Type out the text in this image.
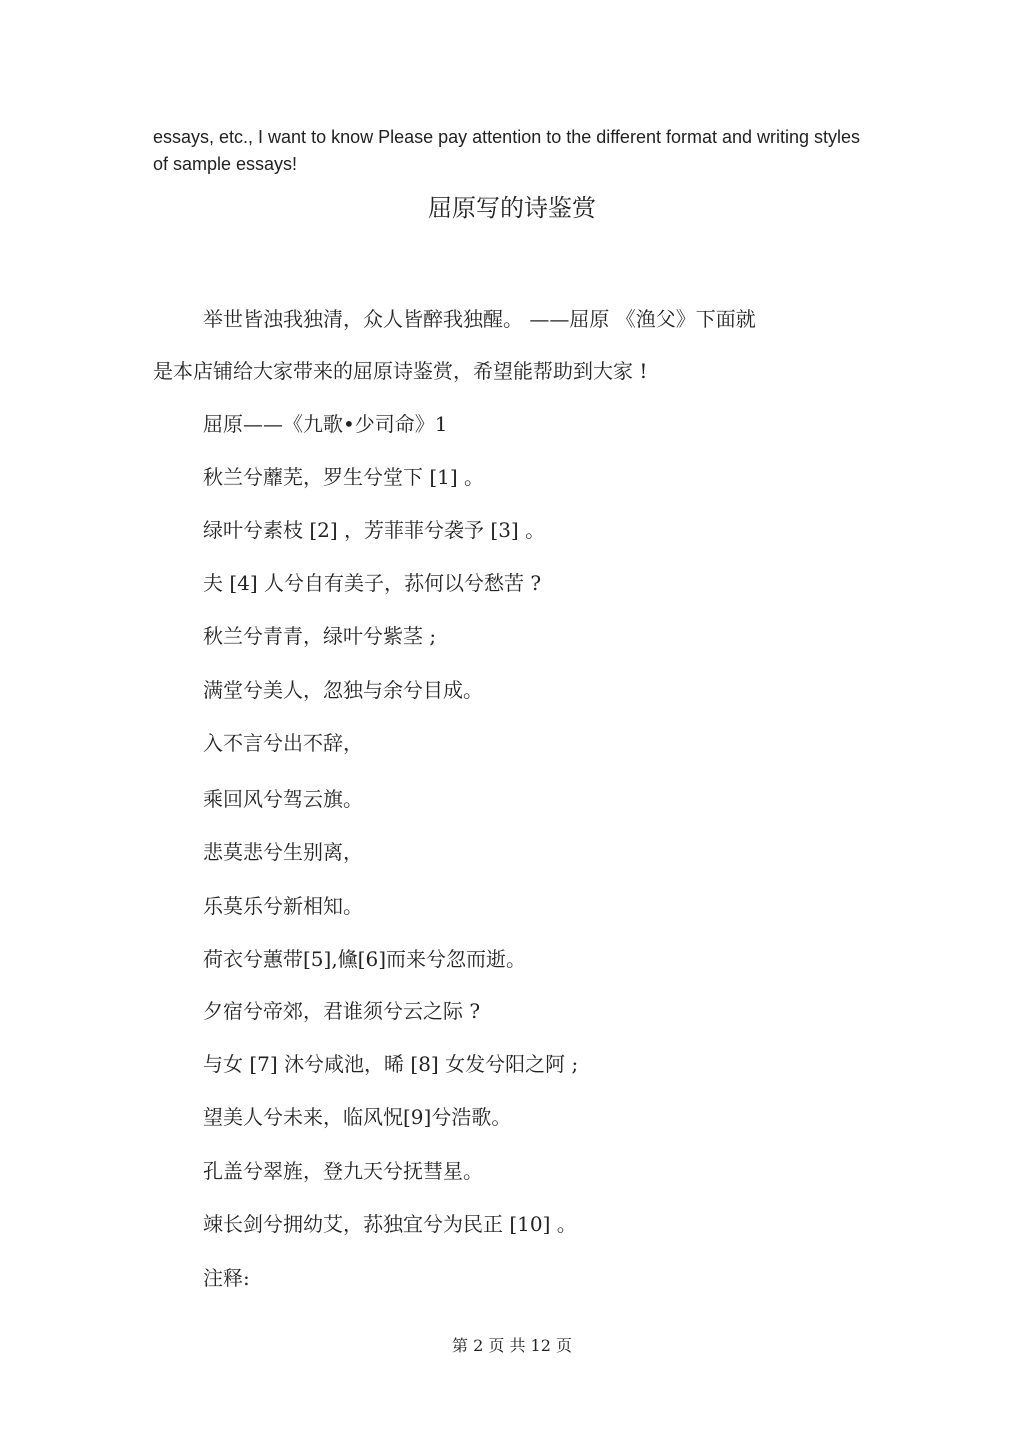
essays, etc., I want to know Please pay attention to the different format and writing styles of sample essays!
屈原写的诗鉴赏
举世皆浊我独清，众人皆醉我独醒。 ——屈原 《渔父》下面就
是本店铺给大家带来的屈原诗鉴赏，希望能帮助到大家 !
屈原——《九歌•少司命》1
秋兰兮蘼芜，罗生兮堂下 [1] 。
绿叶兮素枝 [2] ，芳菲菲兮袭予 [3] 。
夫 [4] 人兮自有美子，荪何以兮愁苦 ?
秋兰兮青青，绿叶兮紫茎 ;
满堂兮美人，忽独与余兮目成。
入不言兮出不辞，
乘回风兮驾云旗。
悲莫悲兮生别离，
乐莫乐兮新相知。
荷衣兮蕙带[5],儵[6]而来兮忽而逝。
夕宿兮帝郊，君谁须兮云之际 ?
与女 [7] 沐兮咸池，晞 [8] 女发兮阳之阿 ;
望美人兮未来，临风怳[9]兮浩歌。
孔盖兮翠旌，登九天兮抚彗星。
竦长剑兮拥幼艾，荪独宜兮为民正 [10] 。
注释:
第 2 页 共 12 页
